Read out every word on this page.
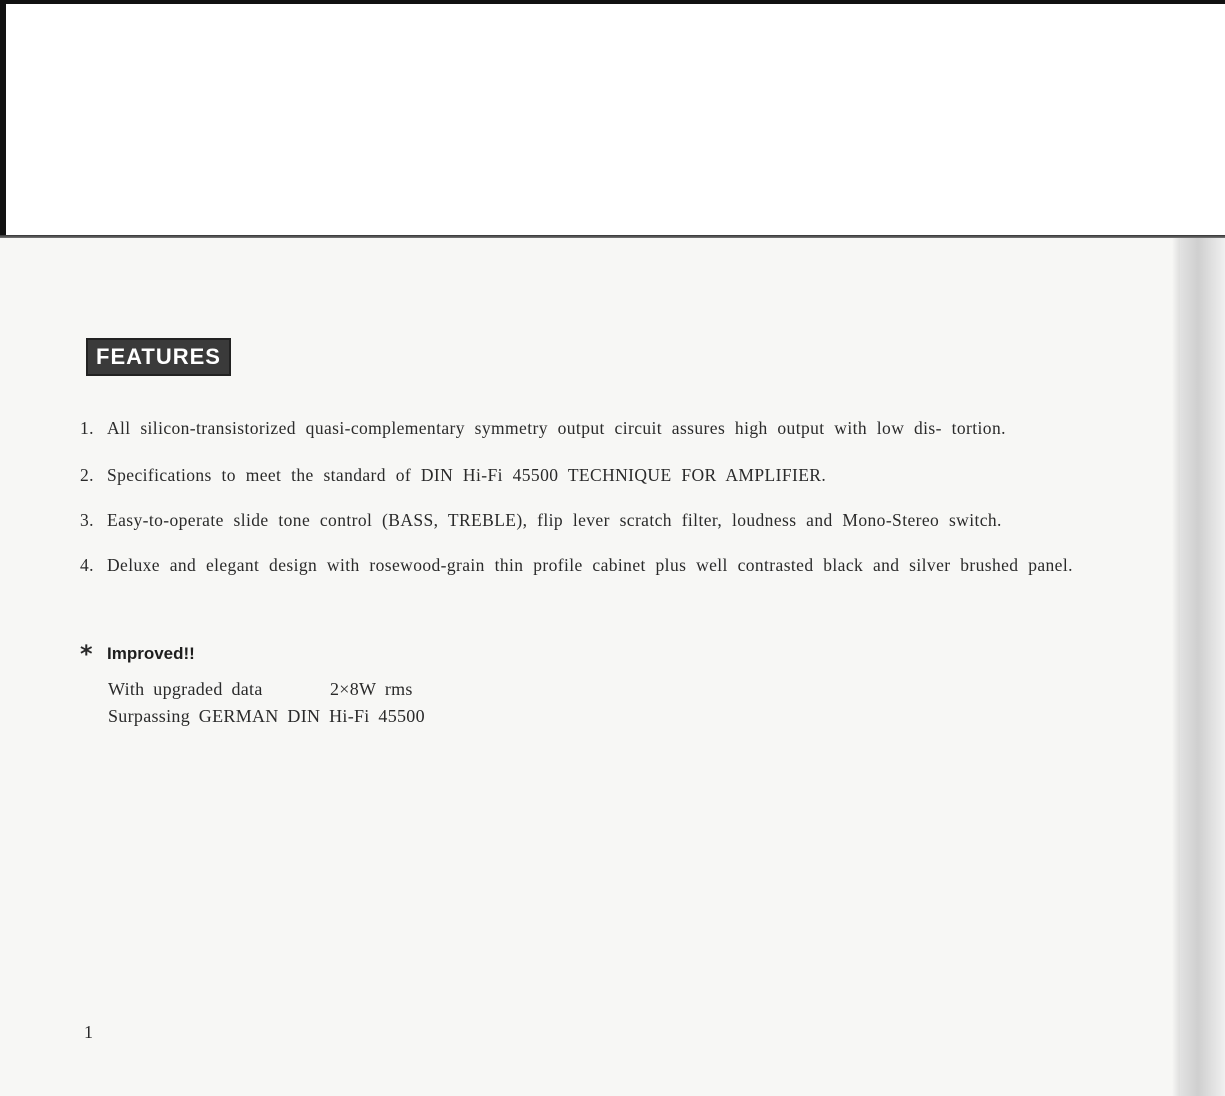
FEATURES
1. All silicon-transistorized quasi-complementary symmetry output circuit assures high output with low dis- tortion.
2. Specifications to meet the standard of DIN Hi-Fi 45500 TECHNIQUE FOR AMPLIFIER.
3. Easy-to-operate slide tone control (BASS, TREBLE), flip lever scratch filter, loudness and Mono-Stereo switch.
4. Deluxe and elegant design with rosewood-grain thin profile cabinet plus well contrasted black and silver brushed panel.
* Improved!!
With upgraded data	2×8W rms
Surpassing GERMAN DIN Hi-Fi 45500
1
